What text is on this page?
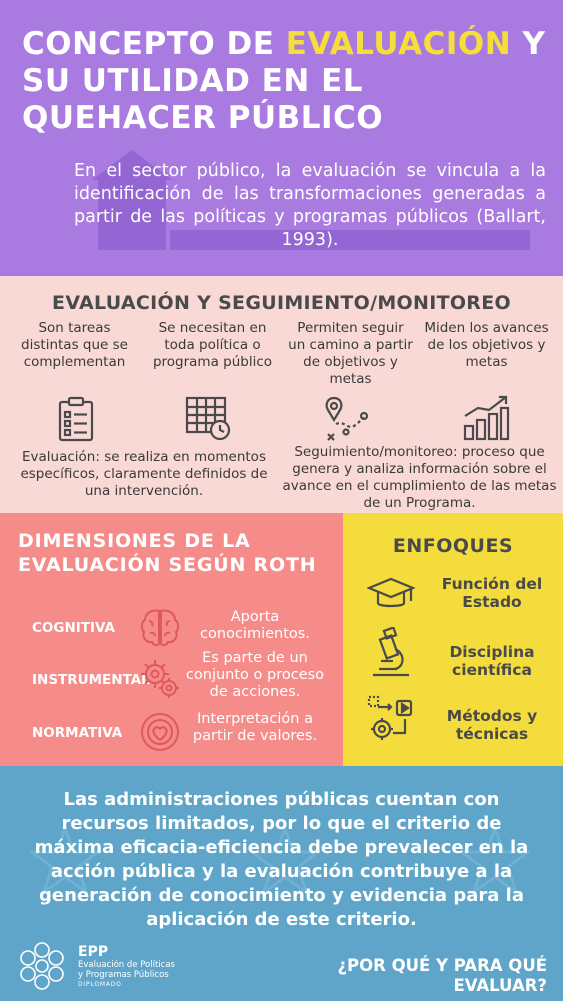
CONCEPTO DE EVALUACIÓN Y SU UTILIDAD EN EL QUEHACER PÚBLICO
En el sector público, la evaluación se vincula a la identificación de las transformaciones generadas a partir de las políticas y programas públicos (Ballart, 1993).
EVALUACIÓN Y SEGUIMIENTO/MONITOREO
Son tareas distintas que se complementan
Se necesitan en toda política o programa público
Permiten seguir un camino a partir de objetivos y metas
Miden los avances de los objetivos y metas
Evaluación: se realiza en momentos específicos, claramente definidos de una intervención.
Seguimiento/monitoreo: proceso que genera y analiza información sobre el avance en el cumplimiento de las metas de un Programa.
DIMENSIONES DE LA EVALUACIÓN SEGÚN ROTH
COGNITIVA
Aporta conocimientos.
INSTRUMENTAL
Es parte de un conjunto o proceso de acciones.
NORMATIVA
Interpretación a partir de valores.
ENFOQUES
Función del Estado
Disciplina científica
Métodos y técnicas

Las administraciones públicas cuentan con recursos limitados, por lo que el criterio de máxima eficacia-eficiencia debe prevalecer en la acción pública y la evaluación contribuye a la generación de conocimiento y evidencia para la aplicación de este criterio.

EPP
Evaluación de Políticas
y Programas Públicos
DIPLOMADO
¿POR QUÉ Y PARA QUÉ EVALUAR?
